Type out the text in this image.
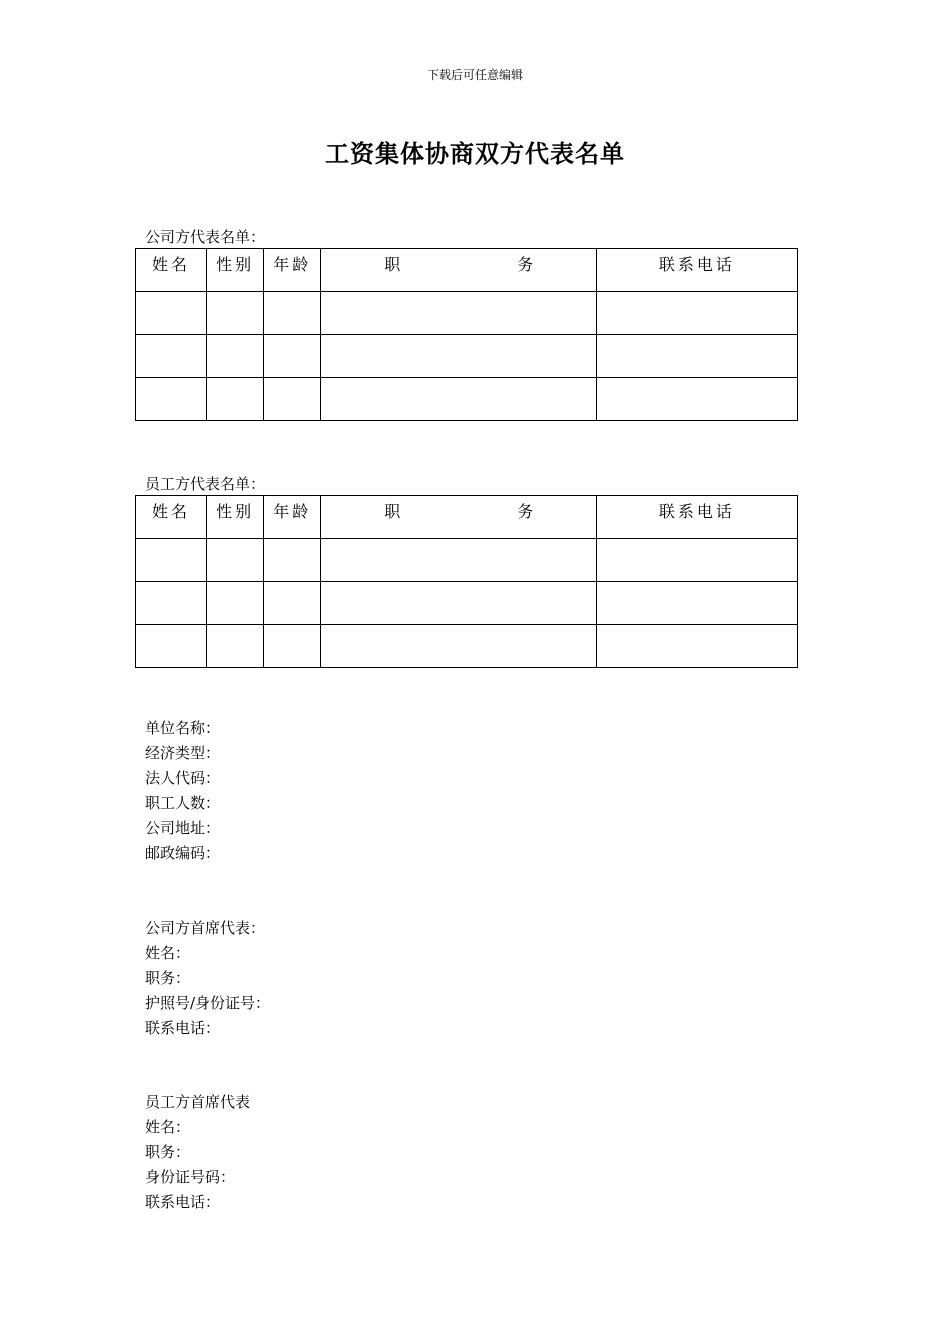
下载后可任意编辑
工资集体协商双方代表名单
公司方代表名单：
姓名	性别	年龄	职 务	联系电话

员工方代表名单：
姓名	性别	年龄	职 务	联系电话

单位名称：
经济类型：
法人代码：
职工人数：
公司地址：
邮政编码：
公司方首席代表：
姓名：
职务：
护照号/身份证号：
联系电话：
员工方首席代表
姓名：
职务：
身份证号码：
联系电话：
